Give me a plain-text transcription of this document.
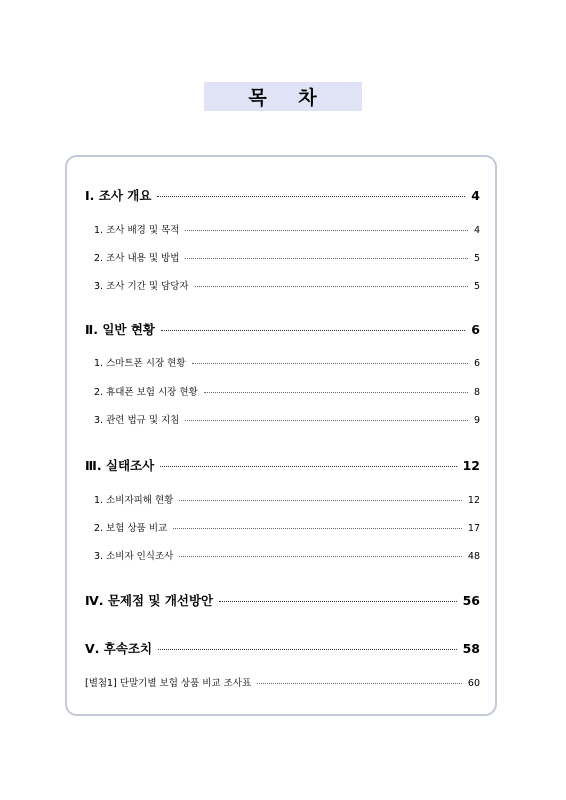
목    차
Ⅰ. 조사 개요	4
1. 조사 배경 및 목적	4
2. 조사 내용 및 방법	5
3. 조사 기간 및 담당자	5
Ⅱ. 일반 현황	6
1. 스마트폰 시장 현황	6
2. 휴대폰 보험 시장 현황	8
3. 관련 법규 및 지침	9
Ⅲ. 실태조사	12
1. 소비자피해 현황	12
2. 보험 상품 비교	17
3. 소비자 인식조사	48
Ⅳ. 문제점 및 개선방안	56
Ⅴ. 후속조치	58
[별첨1] 단말기별 보험 상품 비교 조사표	60
